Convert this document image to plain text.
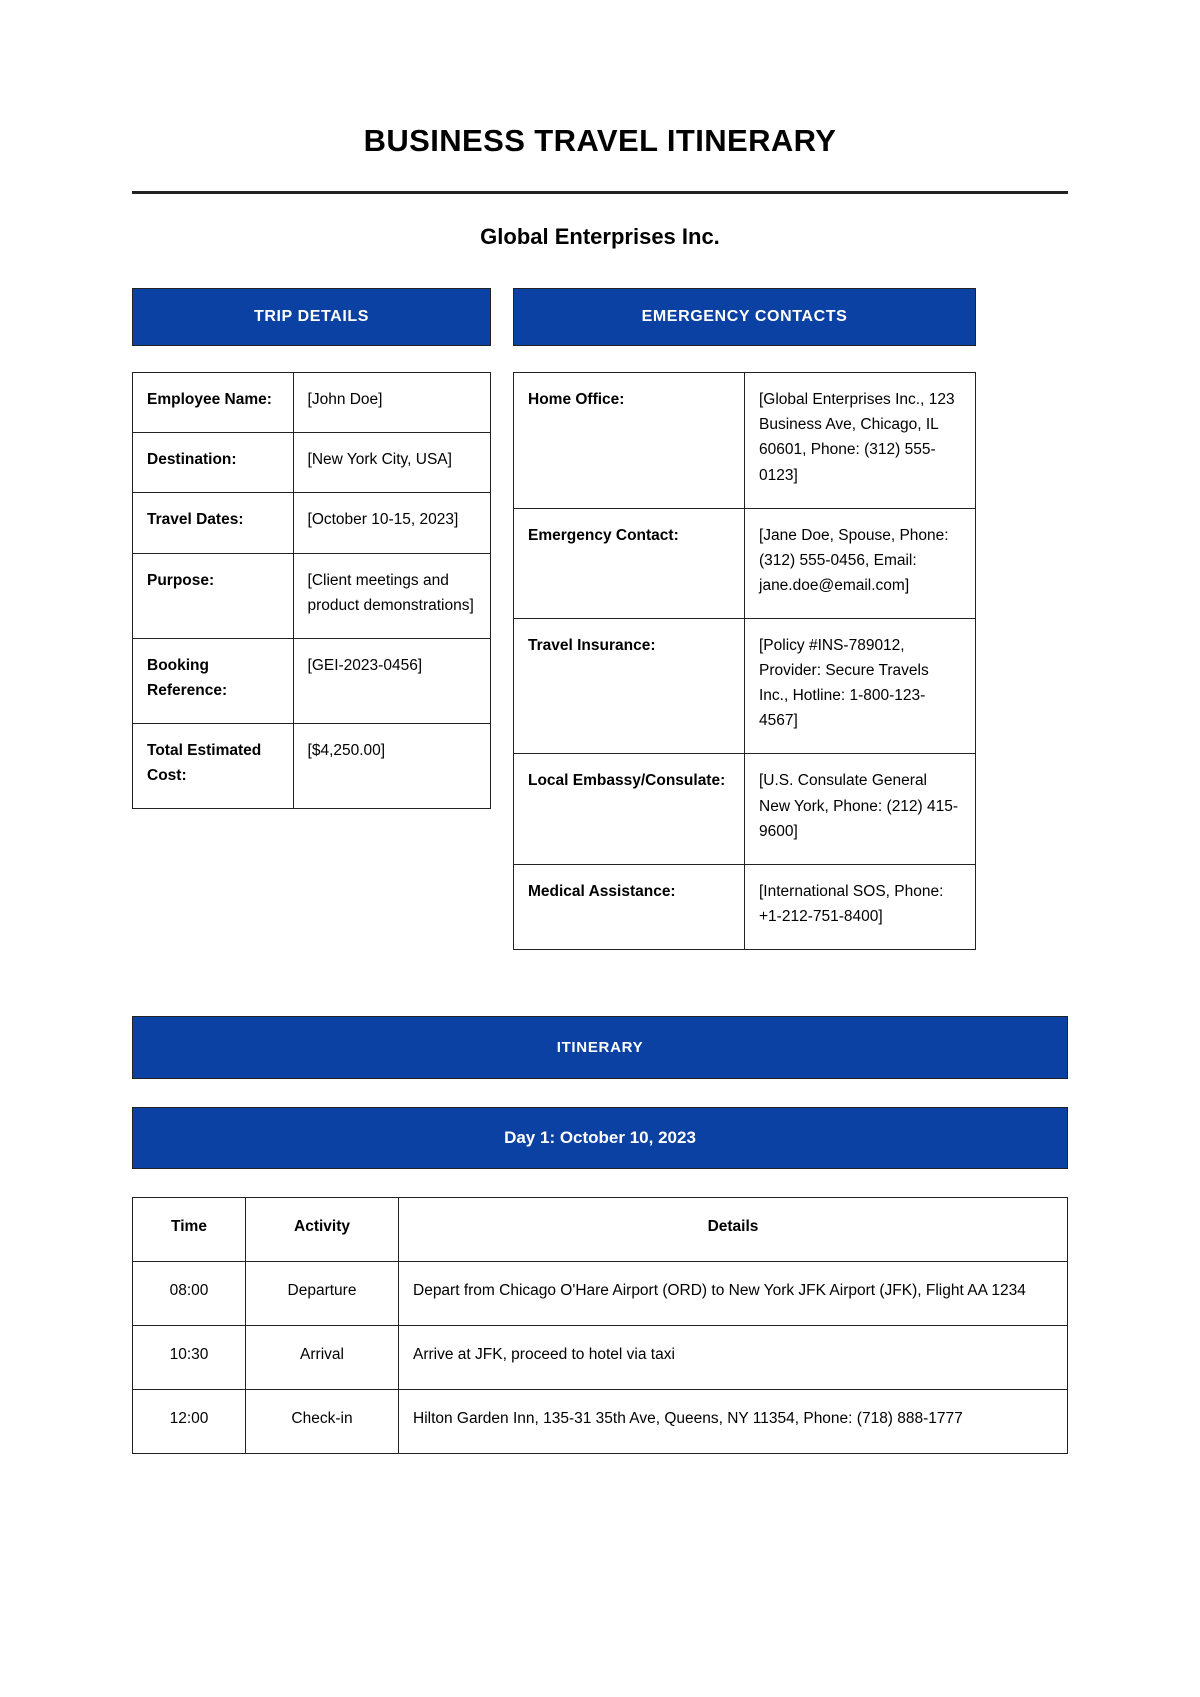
BUSINESS TRAVEL ITINERARY
Global Enterprises Inc.
TRIP DETAILS
Employee Name:	[John Doe]
Destination:	[New York City, USA]
Travel Dates:	[October 10-15, 2023]
Purpose:	[Client meetings and product demonstrations]
Booking Reference:	[GEI-2023-0456]
Total Estimated Cost:	[$4,250.00]
EMERGENCY CONTACTS
Home Office:	[Global Enterprises Inc., 123 Business Ave, Chicago, IL 60601, Phone: (312) 555-0123]
Emergency Contact:	[Jane Doe, Spouse, Phone: (312) 555-0456, Email: jane.doe@email.com]
Travel Insurance:	[Policy #INS-789012, Provider: Secure Travels Inc., Hotline: 1-800-123-4567]
Local Embassy/Consulate:	[U.S. Consulate General New York, Phone: (212) 415-9600]
Medical Assistance:	[International SOS, Phone: +1-212-751-8400]
ITINERARY
Day 1: October 10, 2023
Time	Activity	Details
08:00	Departure	Depart from Chicago O'Hare Airport (ORD) to New York JFK Airport (JFK), Flight AA 1234
10:30	Arrival	Arrive at JFK, proceed to hotel via taxi
12:00	Check-in	Hilton Garden Inn, 135-31 35th Ave, Queens, NY 11354, Phone: (718) 888-1777
